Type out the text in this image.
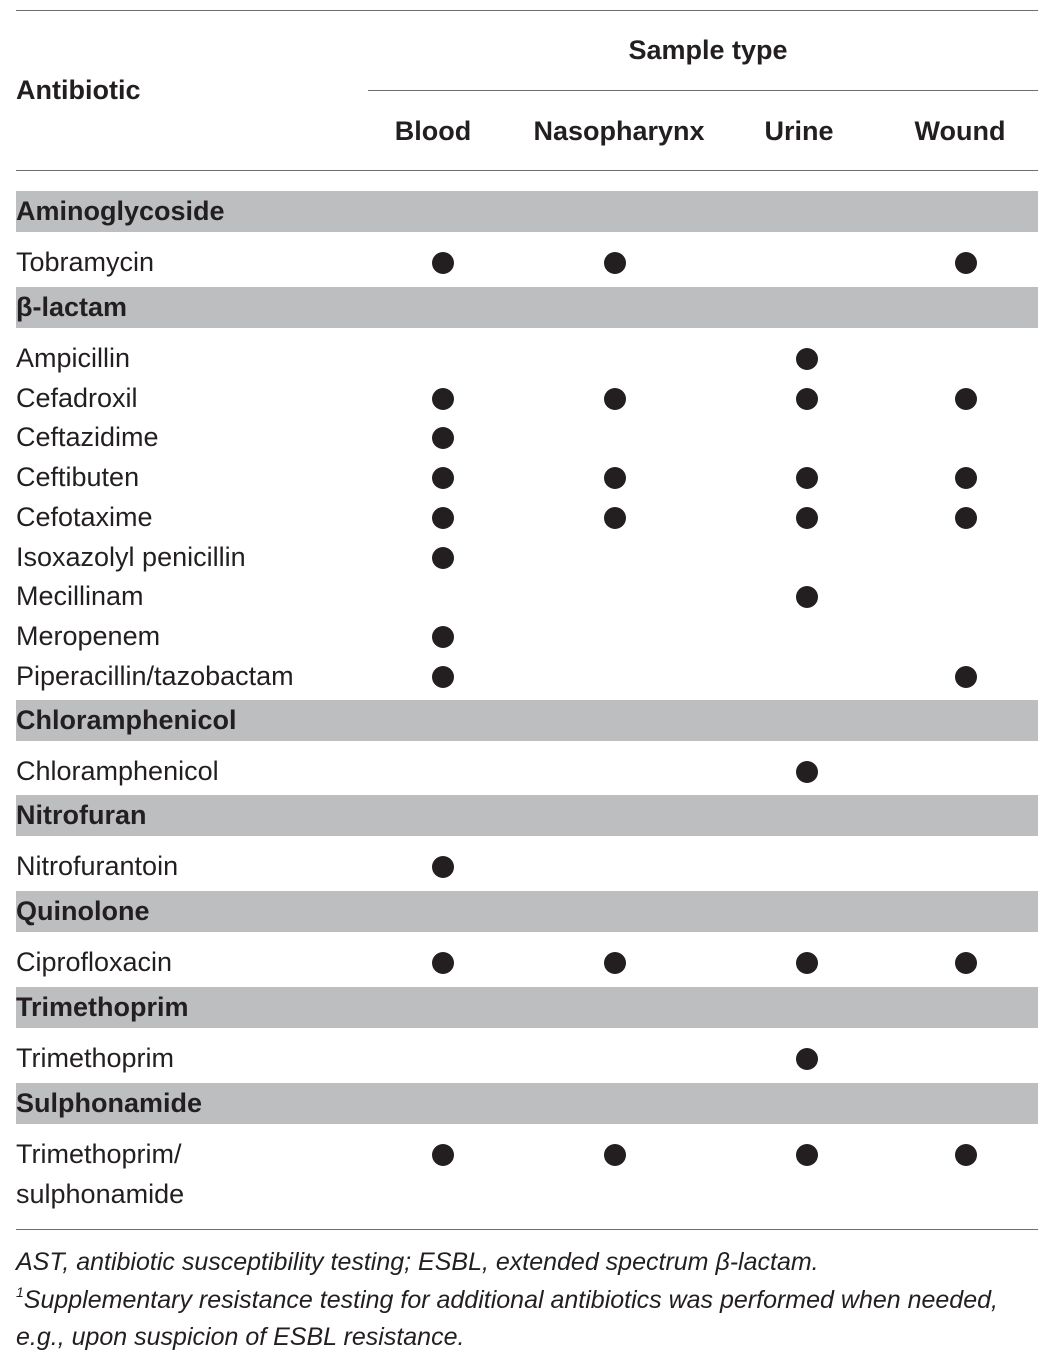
Antibiotic
Sample type
Blood Nasopharynx Urine	Wound
Aminoglycoside
Tobramycin
β-lactam
Ampicillin
Cefadroxil
Ceftazidime
Ceftibuten
Cefotaxime
Isoxazolyl penicillin
Mecillinam
Meropenem
Piperacillin/tazobactam
Chloramphenicol
Chloramphenicol
Nitrofuran
Nitrofurantoin
Quinolone
Ciprofloxacin
Trimethoprim
Trimethoprim
Sulphonamide
Trimethoprim/
sulphonamide
AST, antibiotic susceptibility testing; ESBL, extended spectrum β-lactam.
$^1$Supplementary resistance testing for additional antibiotics was performed when needed, e.g., upon suspicion of ESBL resistance.
